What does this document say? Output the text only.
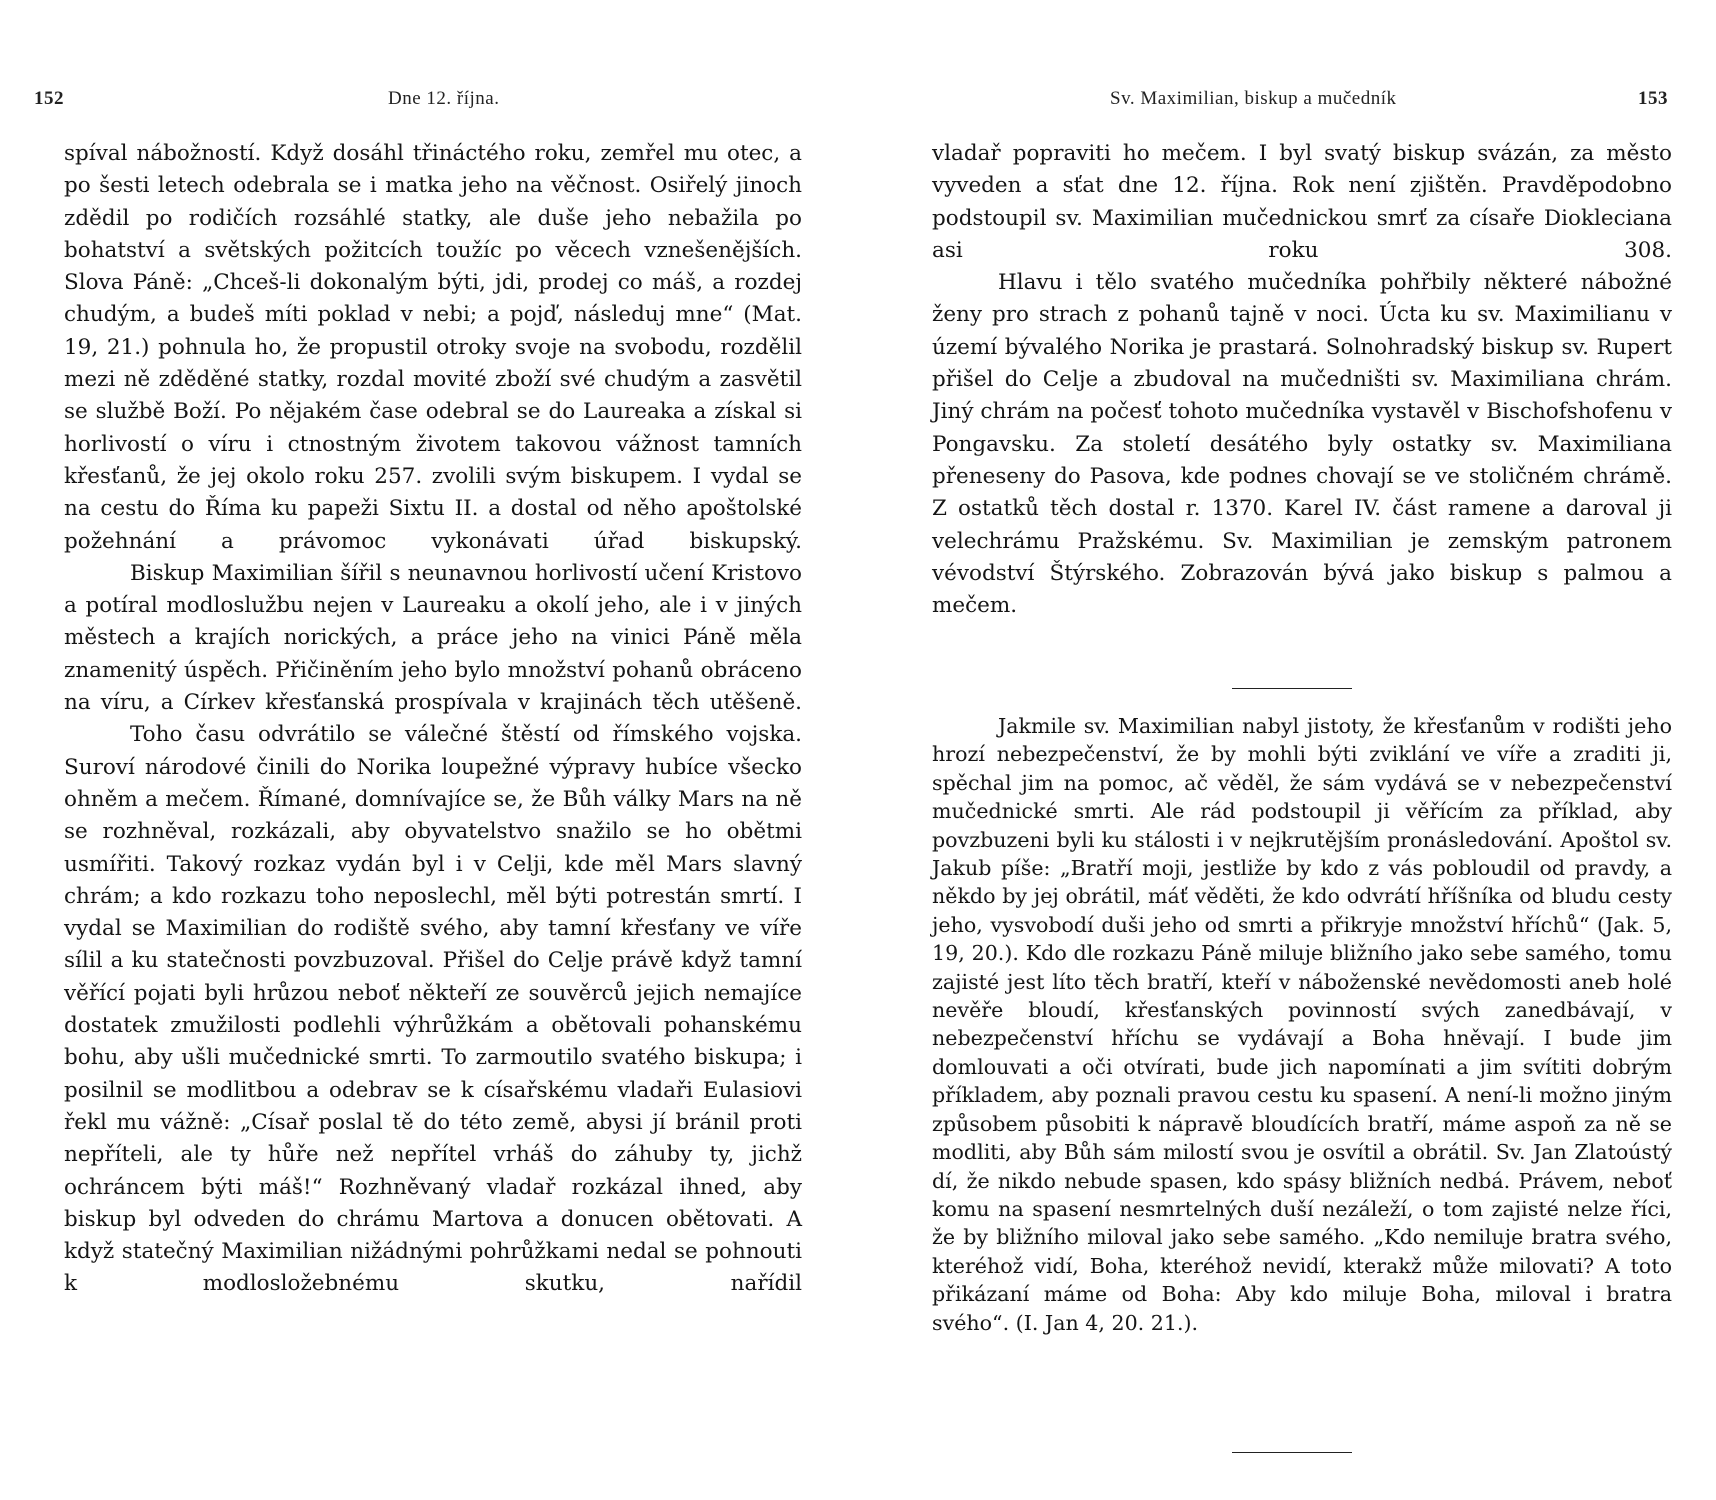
152	Dne 12. října.

spíval nábožností. Když dosáhl třináctého roku, zemřel mu otec, a po šesti letech odebrala se i matka jeho na věčnost. Osiřelý jinoch zdědil po rodičích rozsáhlé statky, ale duše jeho nebažila po bohatství a světských požitcích toužíc po věcech vznešenějších. Slova Páně: „Chceš-li dokonalým býti, jdi, prodej co máš, a rozdej chudým, a budeš míti poklad v nebi; a pojď, následuj mne“ (Mat. 19, 21.) pohnula ho, že propustil otroky svoje na svobodu, rozdělil mezi ně zděděné statky, rozdal movité zboží své chudým a zasvětil se službě Boží. Po nějakém čase odebral se do Laureaka a získal si horlivostí o víru i ctnostným životem takovou vážnost tamních křesťanů, že jej okolo roku 257. zvolili svým biskupem. I vydal se na cestu do Říma ku papeži Sixtu II. a dostal od něho apoštolské požehnání a právomoc vykonávati úřad biskupský.

Biskup Maximilian šířil s neunavnou horlivostí učení Kristovo a potíral modloslužbu nejen v Laureaku a okolí jeho, ale i v jiných městech a krajích norických, a práce jeho na vinici Páně měla znamenitý úspěch. Přičiněním jeho bylo množství pohanů obráceno na víru, a Církev křesťanská prospívala v krajinách těch utěšeně.

Toho času odvrátilo se válečné štěstí od římského vojska. Suroví národové činili do Norika loupežné výpravy hubíce všecko ohněm a mečem. Římané, domnívajíce se, že Bůh války Mars na ně se rozhněval, rozkázali, aby obyvatelstvo snažilo se ho obětmi usmířiti. Takový rozkaz vydán byl i v Celji, kde měl Mars slavný chrám; a kdo rozkazu toho neposlechl, měl býti potrestán smrtí. I vydal se Maximilian do rodiště svého, aby tamní křesťany ve víře sílil a ku statečnosti povzbuzoval. Přišel do Celje právě když tamní věřící pojati byli hrůzou neboť někteří ze souvěrců jejich nemajíce dostatek zmužilosti podlehli výhrůžkám a obětovali pohanskému bohu, aby ušli mučednické smrti. To zarmoutilo svatého biskupa; i posilnil se modlitbou a odebrav se k císařskému vladaři Eulasiovi řekl mu vážně: „Císař poslal tě do této země, abysi jí bránil proti nepříteli, ale ty hůře než nepřítel vrháš do záhuby ty, jichž ochráncem býti máš!“ Rozhněvaný vladař rozkázal ihned, aby biskup byl odveden do chrámu Martova a donucen obětovati. A když statečný Maximilian nižádnými pohrůžkami nedal se pohnouti k modlosložebnému skutku, nařídil

Sv. Maximilian, biskup a mučedník	153

vladař popraviti ho mečem. I byl svatý biskup svázán, za město vyveden a sťat dne 12. října. Rok není zjištěn. Pravděpodobno podstoupil sv. Maximilian mučednickou smrť za císaře Diokleciana asi roku 308.

Hlavu i tělo svatého mučedníka pohřbily některé nábožné ženy pro strach z pohanů tajně v noci. Úcta ku sv. Maximilianu v území bývalého Norika je prastará. Solnohradský biskup sv. Rupert přišel do Celje a zbudoval na mučedništi sv. Maximiliana chrám. Jiný chrám na počesť tohoto mučedníka vystavěl v Bischofshofenu v Pongavsku. Za století desátého byly ostatky sv. Maximiliana přeneseny do Pasova, kde podnes chovají se ve stoličném chrámě. Z ostatků těch dostal r. 1370. Karel IV. část ramene a daroval ji velechrámu Pražskému. Sv. Maximilian je zemským patronem vévodství Štýrského. Zobrazován bývá jako biskup s palmou a mečem.

Jakmile sv. Maximilian nabyl jistoty, že křesťanům v rodišti jeho hrozí nebezpečenství, že by mohli býti zviklání ve víře a zraditi ji, spěchal jim na pomoc, ač věděl, že sám vydává se v nebezpečenství mučednické smrti. Ale rád podstoupil ji věřícím za příklad, aby povzbuzeni byli ku stálosti i v nejkrutějším pronásledování. Apoštol sv. Jakub píše: „Bratří moji, jestliže by kdo z vás pobloudil od pravdy, a někdo by jej obrátil, máť věděti, že kdo odvrátí hříšníka od bludu cesty jeho, vysvobodí duši jeho od smrti a přikryje množství hříchů“ (Jak. 5, 19, 20.). Kdo dle rozkazu Páně miluje bližního jako sebe samého, tomu zajisté jest líto těch bratří, kteří v náboženské nevědomosti aneb holé nevěře bloudí, křesťanských povinností svých zanedbávají, v nebezpečenství hříchu se vydávají a Boha hněvají. I bude jim domlouvati a oči otvírati, bude jich napomínati a jim svítiti dobrým příkladem, aby poznali pravou cestu ku spasení. A není-li možno jiným způsobem působiti k nápravě bloudících bratří, máme aspoň za ně se modliti, aby Bůh sám milostí svou je osvítil a obrátil. Sv. Jan Zlatoústý dí, že nikdo nebude spasen, kdo spásy bližních nedbá. Právem, neboť komu na spasení nesmrtelných duší nezáleží, o tom zajisté nelze říci, že by bližního miloval jako sebe samého. „Kdo nemiluje bratra svého, kteréhož vidí, Boha, kteréhož nevidí, kterakž může milovati? A toto přikázaní máme od Boha: Aby kdo miluje Boha, miloval i bratra svého“. (I. Jan 4, 20. 21.).
